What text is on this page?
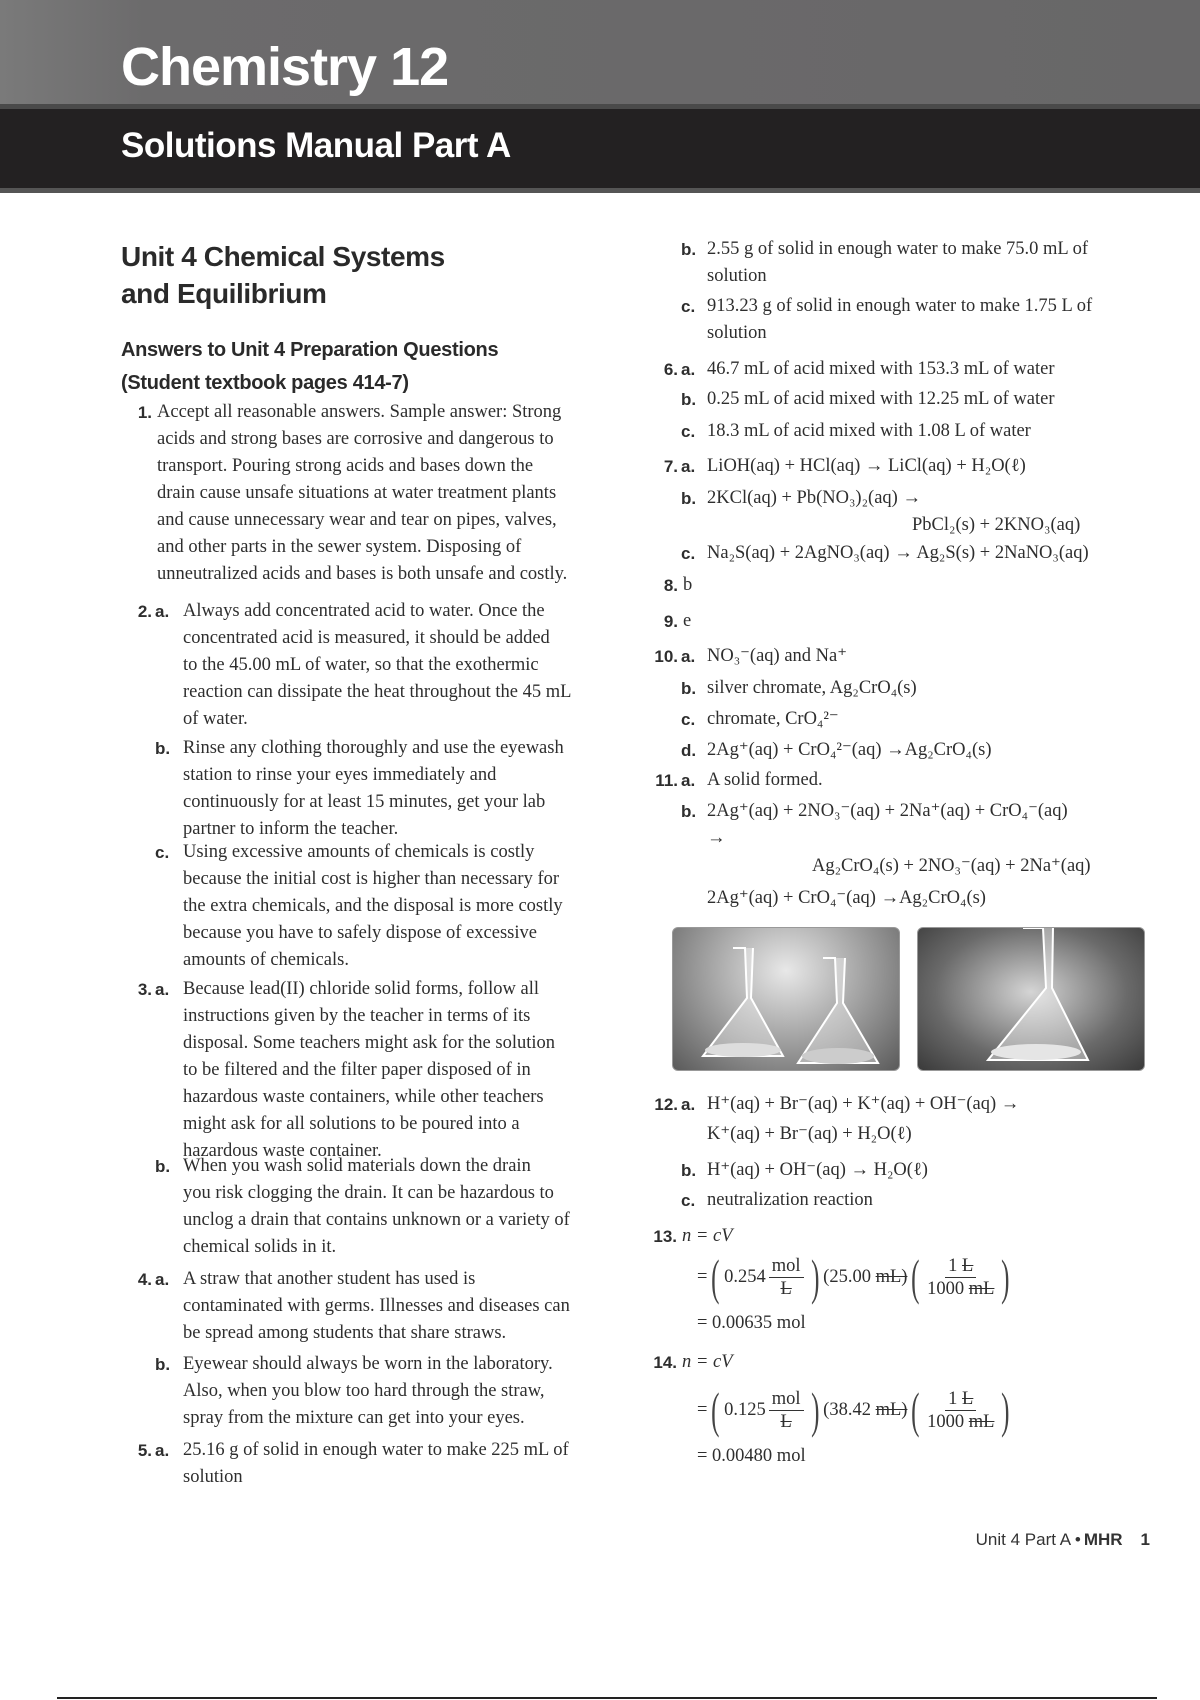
Chemistry 12
Solutions Manual Part A
Unit 4 Chemical Systems
and Equilibrium
Answers to Unit 4 Preparation Questions
(Student textbook pages 414-7)
1. Accept all reasonable answers. Sample answer: Strong
acids and strong bases are corrosive and dangerous to
transport. Pouring strong acids and bases down the
drain cause unsafe situations at water treatment plants
and cause unnecessary wear and tear on pipes, valves,
and other parts in the sewer system. Disposing of
unneutralized acids and bases is both unsafe and costly.
2. a. Always add concentrated acid to water. Once the
concentrated acid is measured, it should be added
to the 45.00 mL of water, so that the exothermic
reaction can dissipate the heat throughout the 45 mL
of water.
b. Rinse any clothing thoroughly and use the eyewash
station to rinse your eyes immediately and
continuously for at least 15 minutes, get your lab
partner to inform the teacher.
c. Using excessive amounts of chemicals is costly
because the initial cost is higher than necessary for
the extra chemicals, and the disposal is more costly
because you have to safely dispose of excessive
amounts of chemicals.
3. a. Because lead(II) chloride solid forms, follow all
instructions given by the teacher in terms of its
disposal. Some teachers might ask for the solution
to be filtered and the filter paper disposed of in
hazardous waste containers, while other teachers
might ask for all solutions to be poured into a
hazardous waste container.
b. When you wash solid materials down the drain
you risk clogging the drain. It can be hazardous to
unclog a drain that contains unknown or a variety of
chemical solids in it.
4. a. A straw that another student has used is
contaminated with germs. Illnesses and diseases can
be spread among students that share straws.
b. Eyewear should always be worn in the laboratory.
Also, when you blow too hard through the straw,
spray from the mixture can get into your eyes.
5. a. 25.16 g of solid in enough water to make 225 mL of
solution
b. 2.55 g of solid in enough water to make 75.0 mL of
solution
c. 913.23 g of solid in enough water to make 1.75 L of
solution
6. a. 46.7 mL of acid mixed with 153.3 mL of water
b. 0.25 mL of acid mixed with 12.25 mL of water
c. 18.3 mL of acid mixed with 1.08 L of water
7. a. LiOH(aq) + HCl(aq) → LiCl(aq) + H₂O(ℓ)
b. 2KCl(aq) + Pb(NO₃)₂(aq) →
PbCl₂(s) + 2KNO₃(aq)
c. Na₂S(aq) + 2AgNO₃(aq) → Ag₂S(s) + 2NaNO₃(aq)
8. b
9. e
10. a. NO₃⁻(aq) and Na⁺
b. silver chromate, Ag₂CrO₄(s)
c. chromate, CrO₄²⁻
d. 2Ag⁺(aq) + CrO₄²⁻(aq) →Ag₂CrO₄(s)
11. a. A solid formed.
b. 2Ag⁺(aq) + 2NO₃⁻(aq) + 2Na⁺(aq) + CrO₄⁻(aq)
→
Ag₂CrO₄(s) + 2NO₃⁻(aq) + 2Na⁺(aq)
2Ag⁺(aq) + CrO₄⁻(aq) →Ag₂CrO₄(s)
12. a. H⁺(aq) + Br⁻(aq) + K⁺(aq) + OH⁻(aq) →
K⁺(aq) + Br⁻(aq) + H₂O(ℓ)
b. H⁺(aq) + OH⁻(aq) → H₂O(ℓ)
c. neutralization reaction
13. n = cV
= ( $0.254 \frac{\text{mol}}{L}$ ) (25.00
mL) ( $\frac{1 L}{1000 mL}$ )
= 0.00635 mol
14. n = cV
= ( $0.125 \frac{\text{mol}}{L}$ ) (38.42
mL) ( $\frac{1 L}{1000 mL}$ )
= 0.00480 mol
Unit 4 Part A • MHR 1
